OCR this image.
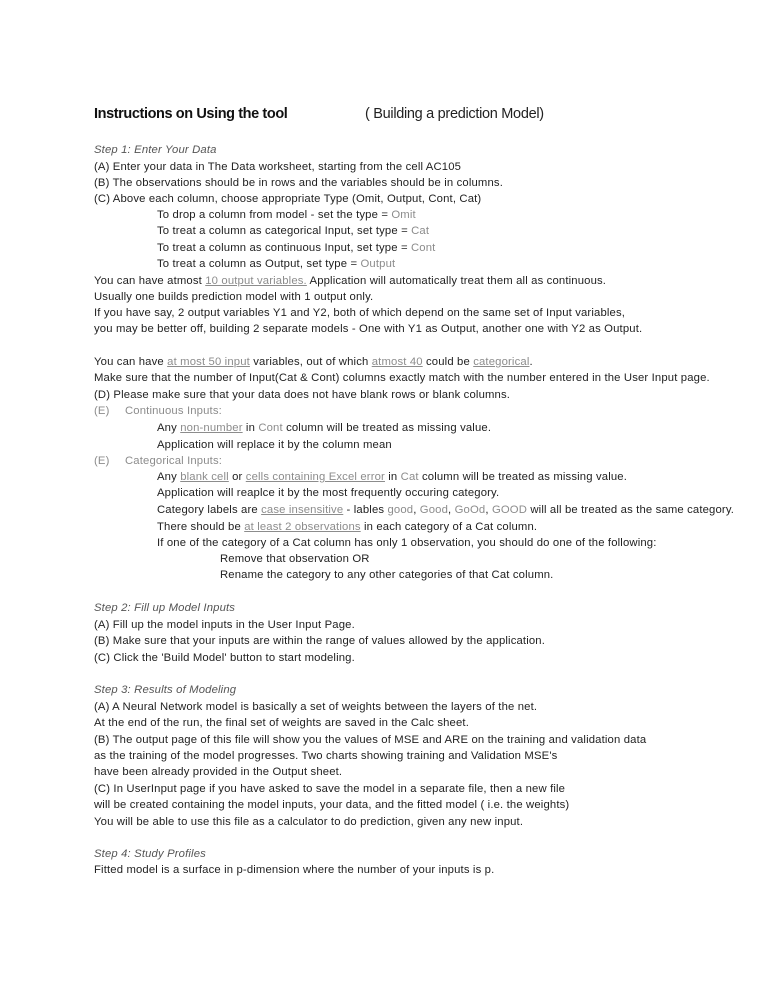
Instructions on Using the tool	( Building a prediction Model)
Step 1: Enter Your Data
(A) Enter your data in The Data worksheet, starting from the cell AC105
(B) The observations should be in rows and the variables should be in columns.
(C) Above each column, choose appropriate Type (Omit, Output, Cont, Cat)
To drop a column from model - set the type = Omit
To treat a column as categorical Input, set type = Cat
To treat a column as continuous Input, set type = Cont
To treat a column as Output, set type = Output
You can have atmost 10 output variables. Application will automatically treat them all as continuous.
Usually one builds prediction model with 1 output only.
If you have say, 2 output variables Y1 and Y2, both of which depend on the same set of Input variables,
you may be better off, building 2 separate models - One with Y1 as Output, another one with Y2 as Output.
You can have at most 50 input variables, out of which atmost 40 could be categorical.
Make sure that the number of Input(Cat & Cont) columns exactly match with the number entered in the User Input page.
(D) Please make sure that your data does not have blank rows or blank columns.
(E) Continuous Inputs:
Any non-number in Cont column will be treated as missing value.
Application will replace it by the column mean
(E) Categorical Inputs:
Any blank cell or cells containing Excel error in Cat column will be treated as missing value.
Application will reaplce it by the most frequently occuring category.
Category labels are case insensitive - lables good, Good, GoOd, GOOD will all be treated as the same category.
There should be at least 2 observations in each category of a Cat column.
If one of the category of a Cat column has only 1 observation, you should do one of the following:
Remove that observation OR
Rename the category to any other categories of that Cat column.
Step 2: Fill up Model Inputs
(A) Fill up the model inputs in the User Input Page.
(B) Make sure that your inputs are within the range of values allowed by the application.
(C) Click the 'Build Model' button to start modeling.
Step 3: Results of Modeling
(A) A Neural Network model is basically a set of weights between the layers of the net.
At the end of the run, the final set of weights are saved in the Calc sheet.
(B) The output page of this file will show you the values of MSE and ARE on the training and validation data
as the training of the model progresses. Two charts showing training and Validation MSE's
have been already provided in the Output sheet.
(C) In UserInput page if you have asked to save the model in a separate file, then a new file
will be created containing the model inputs, your data, and the fitted model ( i.e. the weights)
You will be able to use this file as a calculator to do prediction, given any new input.
Step 4: Study Profiles
Fitted model is a surface in p-dimension where the number of your inputs is p.
